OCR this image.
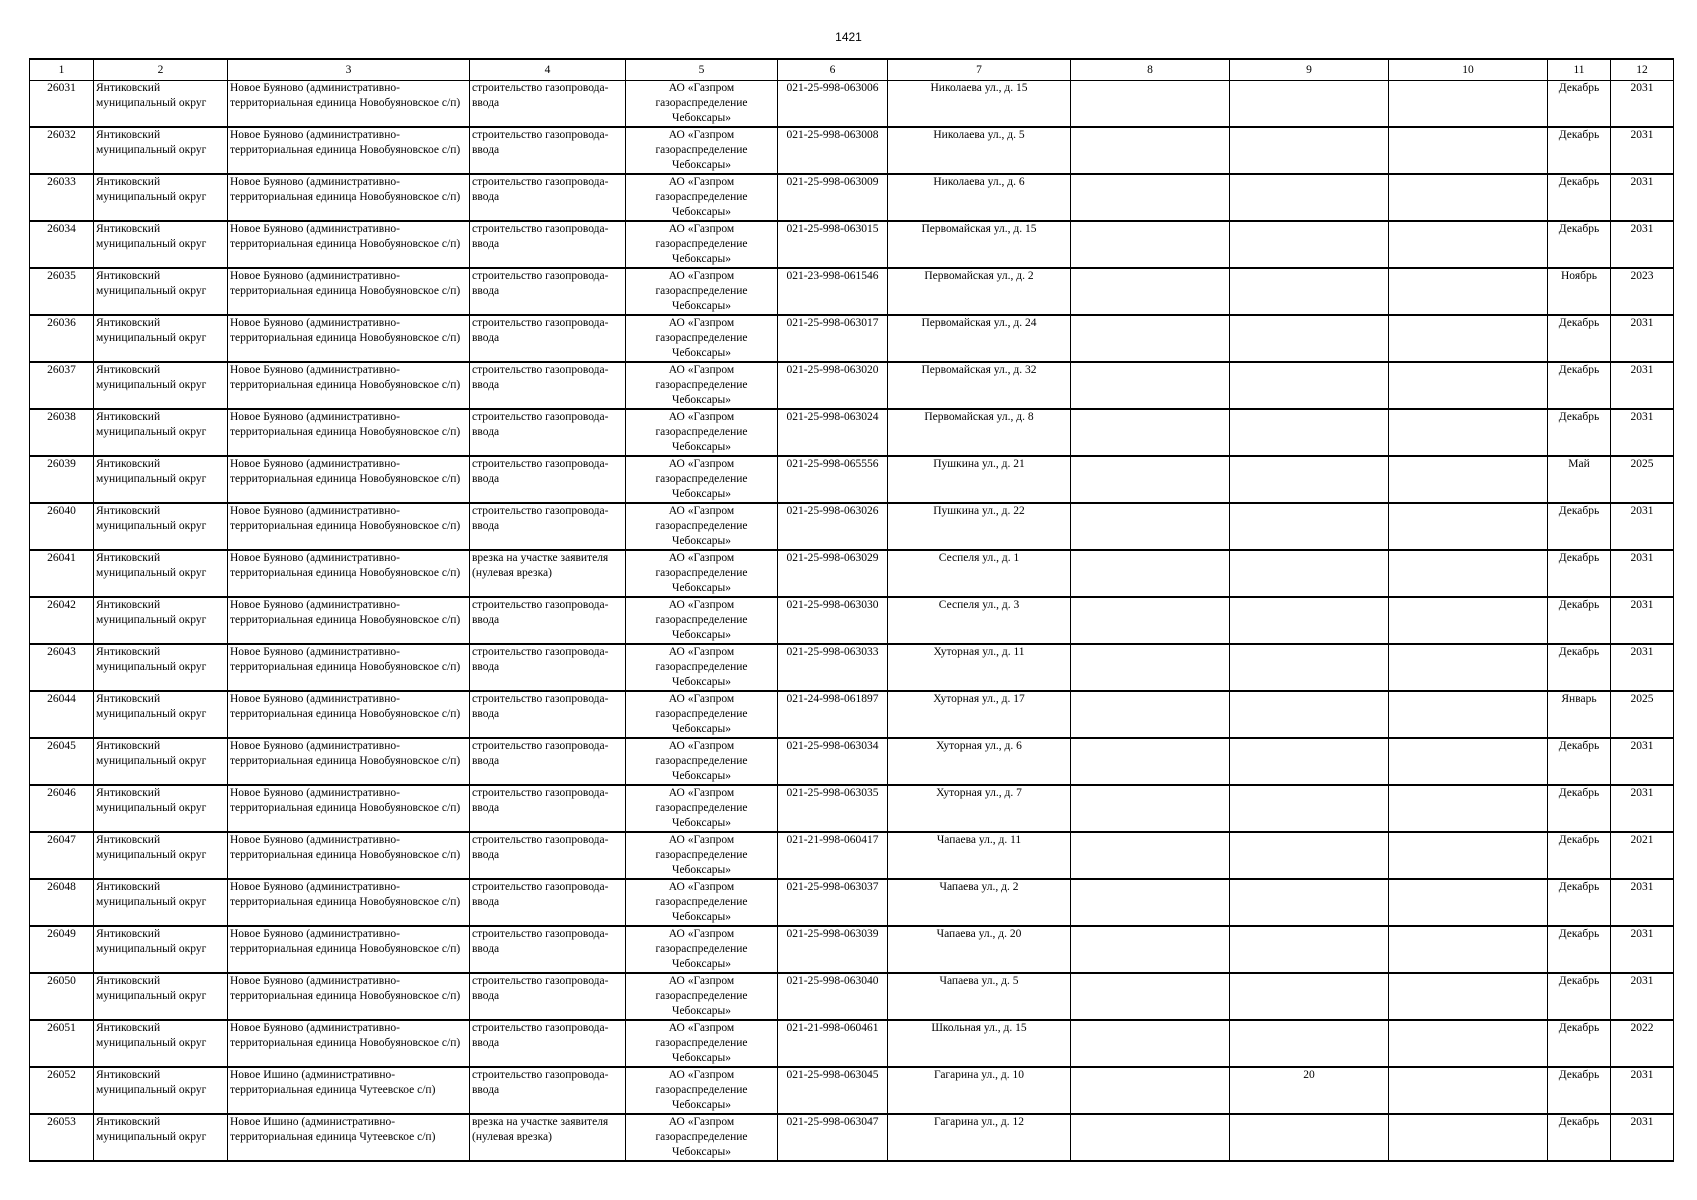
1421
1	2	3	4	5	6	7	8	9	10	11	12
26031	Янтиковский муниципальный округ	Новое Буяново (административно-территориальная единица Новобуяновское с/п)	строительство газопровода-ввода	АО «Газпром газораспределение Чебоксары»	021-25-998-063006	Николаева ул., д. 15				Декабрь	2031
26032	Янтиковский муниципальный округ	Новое Буяново (административно-территориальная единица Новобуяновское с/п)	строительство газопровода-ввода	АО «Газпром газораспределение Чебоксары»	021-25-998-063008	Николаева ул., д. 5				Декабрь	2031
26033	Янтиковский муниципальный округ	Новое Буяново (административно-территориальная единица Новобуяновское с/п)	строительство газопровода-ввода	АО «Газпром газораспределение Чебоксары»	021-25-998-063009	Николаева ул., д. 6				Декабрь	2031
26034	Янтиковский муниципальный округ	Новое Буяново (административно-территориальная единица Новобуяновское с/п)	строительство газопровода-ввода	АО «Газпром газораспределение Чебоксары»	021-25-998-063015	Первомайская ул., д. 15				Декабрь	2031
26035	Янтиковский муниципальный округ	Новое Буяново (административно-территориальная единица Новобуяновское с/п)	строительство газопровода-ввода	АО «Газпром газораспределение Чебоксары»	021-23-998-061546	Первомайская ул., д. 2				Ноябрь	2023
26036	Янтиковский муниципальный округ	Новое Буяново (административно-территориальная единица Новобуяновское с/п)	строительство газопровода-ввода	АО «Газпром газораспределение Чебоксары»	021-25-998-063017	Первомайская ул., д. 24				Декабрь	2031
26037	Янтиковский муниципальный округ	Новое Буяново (административно-территориальная единица Новобуяновское с/п)	строительство газопровода-ввода	АО «Газпром газораспределение Чебоксары»	021-25-998-063020	Первомайская ул., д. 32				Декабрь	2031
26038	Янтиковский муниципальный округ	Новое Буяново (административно-территориальная единица Новобуяновское с/п)	строительство газопровода-ввода	АО «Газпром газораспределение Чебоксары»	021-25-998-063024	Первомайская ул., д. 8				Декабрь	2031
26039	Янтиковский муниципальный округ	Новое Буяново (административно-территориальная единица Новобуяновское с/п)	строительство газопровода-ввода	АО «Газпром газораспределение Чебоксары»	021-25-998-065556	Пушкина ул., д. 21				Май	2025
26040	Янтиковский муниципальный округ	Новое Буяново (административно-территориальная единица Новобуяновское с/п)	строительство газопровода-ввода	АО «Газпром газораспределение Чебоксары»	021-25-998-063026	Пушкина ул., д. 22				Декабрь	2031
26041	Янтиковский муниципальный округ	Новое Буяново (административно-территориальная единица Новобуяновское с/п)	врезка на участке заявителя (нулевая врезка)	АО «Газпром газораспределение Чебоксары»	021-25-998-063029	Сеспеля ул., д. 1				Декабрь	2031
26042	Янтиковский муниципальный округ	Новое Буяново (административно-территориальная единица Новобуяновское с/п)	строительство газопровода-ввода	АО «Газпром газораспределение Чебоксары»	021-25-998-063030	Сеспеля ул., д. 3				Декабрь	2031
26043	Янтиковский муниципальный округ	Новое Буяново (административно-территориальная единица Новобуяновское с/п)	строительство газопровода-ввода	АО «Газпром газораспределение Чебоксары»	021-25-998-063033	Хуторная ул., д. 11				Декабрь	2031
26044	Янтиковский муниципальный округ	Новое Буяново (административно-территориальная единица Новобуяновское с/п)	строительство газопровода-ввода	АО «Газпром газораспределение Чебоксары»	021-24-998-061897	Хуторная ул., д. 17				Январь	2025
26045	Янтиковский муниципальный округ	Новое Буяново (административно-территориальная единица Новобуяновское с/п)	строительство газопровода-ввода	АО «Газпром газораспределение Чебоксары»	021-25-998-063034	Хуторная ул., д. 6				Декабрь	2031
26046	Янтиковский муниципальный округ	Новое Буяново (административно-территориальная единица Новобуяновское с/п)	строительство газопровода-ввода	АО «Газпром газораспределение Чебоксары»	021-25-998-063035	Хуторная ул., д. 7				Декабрь	2031
26047	Янтиковский муниципальный округ	Новое Буяново (административно-территориальная единица Новобуяновское с/п)	строительство газопровода-ввода	АО «Газпром газораспределение Чебоксары»	021-21-998-060417	Чапаева ул., д. 11				Декабрь	2021
26048	Янтиковский муниципальный округ	Новое Буяново (административно-территориальная единица Новобуяновское с/п)	строительство газопровода-ввода	АО «Газпром газораспределение Чебоксары»	021-25-998-063037	Чапаева ул., д. 2				Декабрь	2031
26049	Янтиковский муниципальный округ	Новое Буяново (административно-территориальная единица Новобуяновское с/п)	строительство газопровода-ввода	АО «Газпром газораспределение Чебоксары»	021-25-998-063039	Чапаева ул., д. 20				Декабрь	2031
26050	Янтиковский муниципальный округ	Новое Буяново (административно-территориальная единица Новобуяновское с/п)	строительство газопровода-ввода	АО «Газпром газораспределение Чебоксары»	021-25-998-063040	Чапаева ул., д. 5				Декабрь	2031
26051	Янтиковский муниципальный округ	Новое Буяново (административно-территориальная единица Новобуяновское с/п)	строительство газопровода-ввода	АО «Газпром газораспределение Чебоксары»	021-21-998-060461	Школьная ул., д. 15				Декабрь	2022
26052	Янтиковский муниципальный округ	Новое Ишино (административно-территориальная единица Чутеевское с/п)	строительство газопровода-ввода	АО «Газпром газораспределение Чебоксары»	021-25-998-063045	Гагарина ул., д. 10		20		Декабрь	2031
26053	Янтиковский муниципальный округ	Новое Ишино (административно-территориальная единица Чутеевское с/п)	врезка на участке заявителя (нулевая врезка)	АО «Газпром газораспределение Чебоксары»	021-25-998-063047	Гагарина ул., д. 12				Декабрь	2031
